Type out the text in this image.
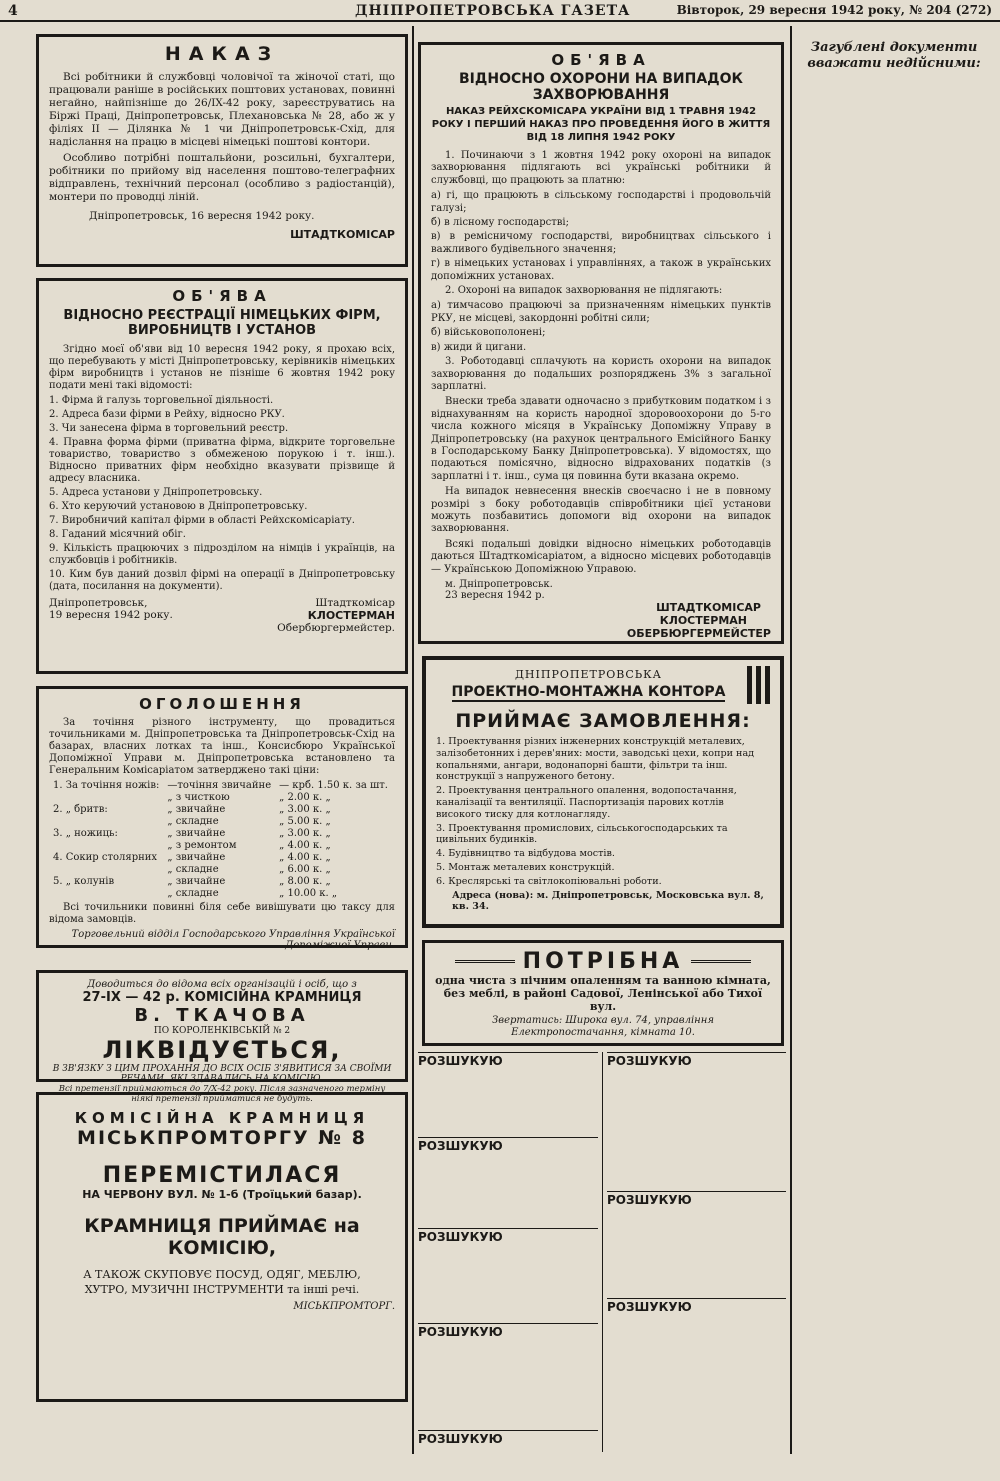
4	ДНІПРОПЕТРОВСЬКА ГАЗЕТА	Вівторок, 29 вересня 1942 року, № 204 (272)
НАКАЗ

Всі робітники й службовці чоловічої та жіночої статі, що працювали раніше в російських поштових установах, повинні негайно, найпізніше до 26/IX-42 року, зареєструватись на Біржі Праці, Дніпропетровськ, Плехановська № 28, або ж у філіях ІІ — Ділянка № 1 чи Дніпропетровськ-Схід, для надіслання на працю в місцеві німецькі поштові контори.

Особливо потрібні поштальйони, розсильні, бухгалтери, робітники по прийому від населення поштово-телеграфних відправлень, технічний персонал (особливо з радіостанцій), монтери по проводці ліній.

Дніпропетровськ, 16 вересня 1942 року.
ШТАДТКОМІСАР
ОБ'ЯВА
ВІДНОСНО РЕЄСТРАЦІЇ НІМЕЦЬКИХ ФІРМ, ВИРОБНИЦТВ І УСТАНОВ

Згідно моєї об'яви від 10 вересня 1942 року, я прохаю всіх, що перебувають у місті Дніпропетровську, керівників німецьких фірм виробництв і установ не пізніше 6 жовтня 1942 року подати мені такі відомості:

1. Фірма й галузь торговельної діяльності.
2. Адреса бази фірми в Рейху, відносно РКУ.
3. Чи занесена фірма в торговельний реєстр.
4. Правна форма фірми (приватна фірма, відкрите торговельне товариство, товариство з обмеженою порукою і т. інш.). Відносно приватних фірм необхідно вказувати прізвище й адресу власника.
5. Адреса установи у Дніпропетровську.
6. Хто керуючий установою в Дніпропетровську.
7. Виробничий капітал фірми в області Рейхскомісаріату.
8. Гаданий місячний обіг.
9. Кількість працюючих з підрозділом на німців і українців, на службовців і робітників.
10. Ким був даний дозвіл фірмі на операції в Дніпропетровську (дата, посилання на документи).
Дніпропетровськ,
19 вересня 1942 року.
Штадткомісар
КЛОСТЕРМАН
Обербюргермейстер.
ОГОЛОШЕННЯ

За точіння різного інструменту, що провадиться точильниками м. Дніпропетровська та Дніпропетровськ-Схід на базарах, власних лотках та інш., Консисбюро Української Допоміжної Управи м. Дніпропетровська встановлено та Генеральним Комісаріатом затверджено такі ціни:

1. За точіння ножів:	—точіння звичайне	— крб. 1.50 к. за шт.
	„ з чисткою	„ 2.00 к. „
2. „ бритв:	„ звичайне	„ 3.00 к. „
	„ складне	„ 5.00 к. „
3. „ ножиць:	„ звичайне	„ 3.00 к. „
	„ з ремонтом	„ 4.00 к. „
4. Сокир столярних	„ звичайне	„ 4.00 к. „
	„ складне	„ 6.00 к. „
5. „ колунів	„ звичайне	„ 8.00 к. „
	„ складне	„ 10.00 к. „

Всі точильники повинні біля себе вивішувати цю таксу для відома замовців.

Торговельний відділ Господарського Управління Української Допоміжної Управи.
Доводиться до відома всіх організацій і осіб, що з
27-IX — 42 р. КОМІСІЙНА КРАМНИЦЯ
В. ТКАЧОВА
ПО КОРОЛЕНКІВСЬКІЙ № 2
ЛІКВІДУЄТЬСЯ,
В ЗВ'ЯЗКУ З ЦИМ ПРОХАННЯ ДО ВСІХ ОСІБ З'ЯВИТИСЯ ЗА СВОЇМИ РЕЧАМИ, ЯКІ ЗДАВАЛИСЬ НА КОМІСІЮ.
Всі претензії приймаються до 7/Х-42 року. Після зазначеного терміну ніякі претензії прийматися не будуть.
КОМІСІЙНА КРАМНИЦЯ
МІСЬКПРОМТОРГУ № 8
ПЕРЕМІСТИЛАСЯ
НА ЧЕРВОНУ ВУЛ. № 1-б (Троїцький базар).
КРАМНИЦЯ ПРИЙМАЄ на КОМІСІЮ,
А ТАКОЖ СКУПОВУЄ ПОСУД, ОДЯГ, МЕБЛЮ, ХУТРО, МУЗИЧНІ ІНСТРУМЕНТИ та інші речі.
МІСЬКПРОМТОРГ.
ОБ'ЯВА
ВІДНОСНО ОХОРОНИ НА ВИПАДОК ЗАХВОРЮВАННЯ
НАКАЗ РЕЙХСКОМІСАРА УКРАЇНИ ВІД 1 ТРАВНЯ 1942 РОКУ І ПЕРШИЙ НАКАЗ ПРО ПРОВЕДЕННЯ ЙОГО В ЖИТТЯ ВІД 18 ЛИПНЯ 1942 РОКУ

1. Починаючи з 1 жовтня 1942 року охороні на випадок захворювання підлягають всі українські робітники й службовці, що працюють за платню:

а) гі, що працюють в сільському господарстві і продовольчій галузі;
б) в лісному господарстві;
в) в ремісничому господарстві, виробництвах сільського і важливого будівельного значення;
г) в німецьких установах і управліннях, а також в українських допоміжних установах.

2. Охороні на випадок захворювання не підлягають:

а) тимчасово працюючі за призначенням німецьких пунктів РКУ, не місцеві, закордонні робітні сили;
б) військовополонені;
в) жиди й цигани.

3. Роботодавці сплачують на користь охорони на випадок захворювання до подальших розпоряджень 3% з загальної зарплатні.

Внески треба здавати одночасно з прибутковим податком і з віднахуванням на користь народної здоровоохорони до 5-го числа кожного місяця в Українську Допоміжну Управу в Дніпропетровську (на рахунок центрального Емісійного Банку в Господарському Банку Дніпропетровська). У відомостях, що подаються помісячно, відносно відрахованих податків (з зарплатні і т. інш., сума ця повинна бути вказана окремо.

На випадок невнесення внесків своєчасно і не в повному розмірі з боку роботодавців співробітники цієї установи можуть позбавитись допомоги від охорони на випадок захворювання.

Всякі подальші довідки відносно німецьких роботодавців даються Штадткомісаріатом, а відносно місцевих роботодавців — Українською Допоміжною Управою.

м. Дніпропетровськ.
23 вересня 1942 р.
ШТАДТКОМІСАР
КЛОСТЕРМАН
ОБЕРБЮРГЕРМЕЙСТЕР
ДНІПРОПЕТРОВСЬКА
ПРОЕКТНО-МОНТАЖНА КОНТОРА
ПРИЙМАЄ ЗАМОВЛЕННЯ:
1. Проектування різних інженерних конструкцій металевих, залізобетонних і дерев'яних: мости, заводські цехи, копри над копальнями, ангари, водонапорні башти, фільтри та інш. конструкції з напруженого бетону.
2. Проектування центрального опалення, водопостачання, каналізації та вентиляції. Паспортизація парових котлів високого тиску для котлонагляду.
3. Проектування промислових, сільськогосподарських та цивільних будинків.
4. Будівництво та відбудова мостів.
5. Монтаж металевих конструкцій.
6. Креслярські та світлокопіювальні роботи.
Адреса (нова): м. Дніпропетровськ, Московська вул. 8, кв. 34.
ПОТРІБНА
одна чиста з пічним опаленням та ванною кімната, без меблі, в районі Садової, Ленінської або Тихої вул.
Звертатись: Широка вул. 74, управління Електропостачання, кімната 10.
РОЗШУКУЮ
РОЗШУКУЮ
РОЗШУКУЮ
РОЗШУКУЮ
РОЗШУКУЮ
РОЗШУКУЮ
РОЗШУКУЮ
РОЗШУКУЮ
Загублені документи вважати недійсними:
